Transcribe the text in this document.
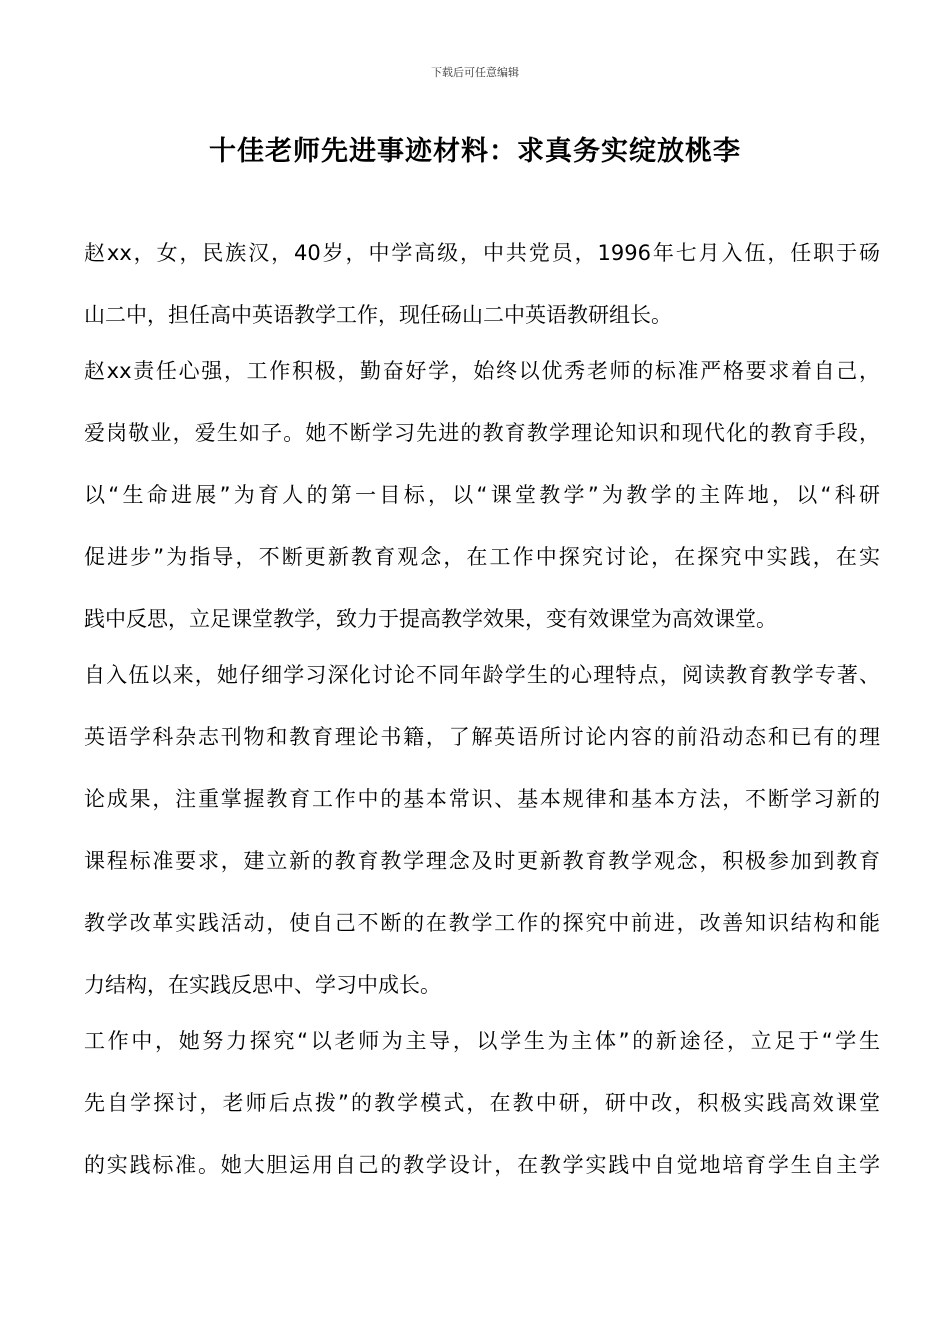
下载后可任意编辑
十佳老师先进事迹材料：求真务实绽放桃李

赵xx，女，民族汉，40岁，中学高级，中共党员，1996年七月入伍，任职于砀
山二中，担任高中英语教学工作，现任砀山二中英语教研组长。

赵xx责任心强，工作积极，勤奋好学，始终以优秀老师的标准严格要求着自己，
爱岗敬业，爱生如子。她不断学习先进的教育教学理论知识和现代化的教育手段，
以“生命进展”为育人的第一目标，以“课堂教学”为教学的主阵地，以“科研
促进步”为指导，不断更新教育观念，在工作中探究讨论，在探究中实践，在实
践中反思，立足课堂教学，致力于提高教学效果，变有效课堂为高效课堂。

自入伍以来，她仔细学习深化讨论不同年龄学生的心理特点，阅读教育教学专著、
英语学科杂志刊物和教育理论书籍，了解英语所讨论内容的前沿动态和已有的理
论成果，注重掌握教育工作中的基本常识、基本规律和基本方法，不断学习新的
课程标准要求，建立新的教育教学理念及时更新教育教学观念，积极参加到教育
教学改革实践活动，使自己不断的在教学工作的探究中前进，改善知识结构和能
力结构，在实践反思中、学习中成长。

工作中，她努力探究“以老师为主导，以学生为主体”的新途径，立足于“学生
先自学探讨，老师后点拨”的教学模式，在教中研，研中改，积极实践高效课堂
的实践标准。她大胆运用自己的教学设计，在教学实践中自觉地培育学生自主学
